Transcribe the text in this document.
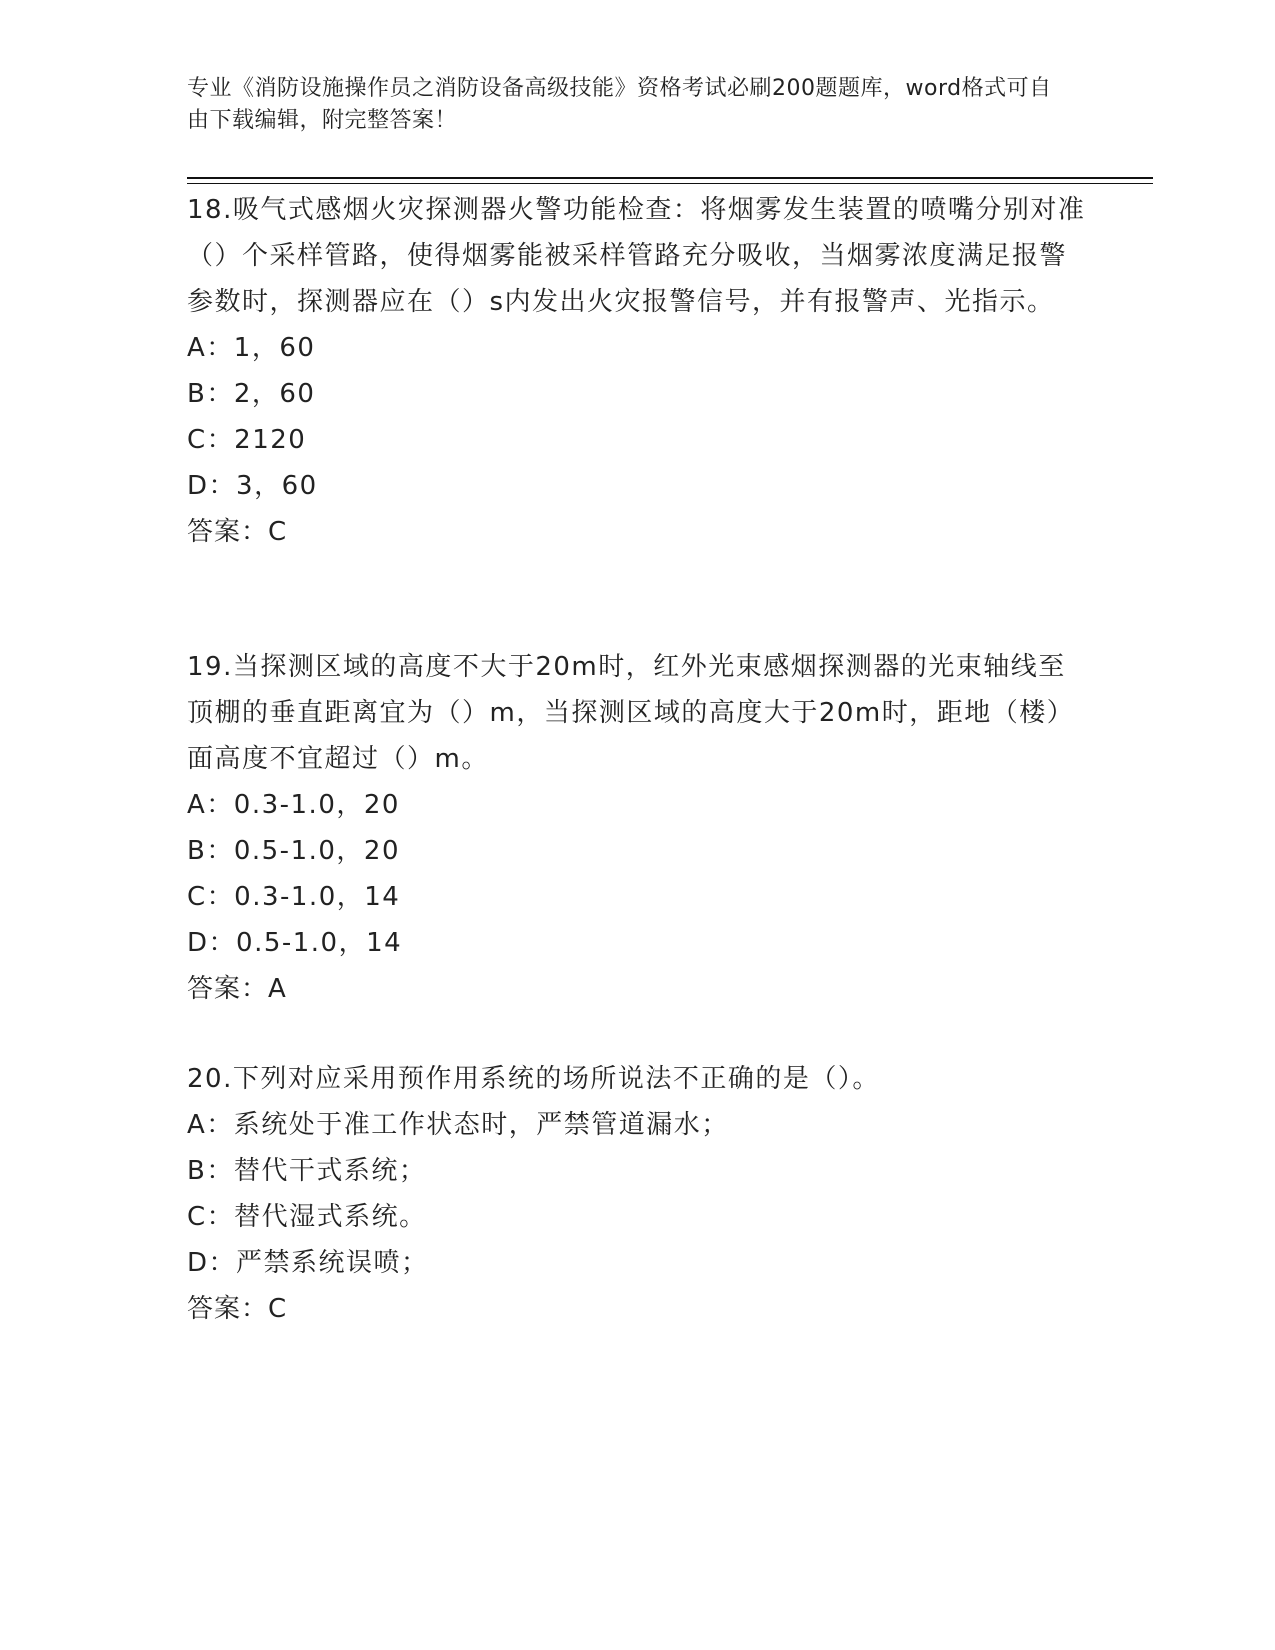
专业《消防设施操作员之消防设备高级技能》资格考试必刷200题题库，word格式可自由下载编辑，附完整答案！

18.吸气式感烟火灾探测器火警功能检查：将烟雾发生装置的喷嘴分别对准（）个采样管路，使得烟雾能被采样管路充分吸收，当烟雾浓度满足报警参数时，探测器应在（）s内发出火灾报警信号，并有报警声、光指示。

A：1，60

B：2，60

C：2120

D：3，60

答案：C

19.当探测区域的高度不大于20m时，红外光束感烟探测器的光束轴线至顶棚的垂直距离宜为（）m，当探测区域的高度大于20m时，距地（楼）面高度不宜超过（）m。

A：0.3-1.0，20

B：0.5-1.0，20

C：0.3-1.0，14

D：0.5-1.0，14

答案：A

20.下列对应采用预作用系统的场所说法不正确的是（）。

A：系统处于准工作状态时，严禁管道漏水；

B：替代干式系统；

C：替代湿式系统。

D：严禁系统误喷；

答案：C
